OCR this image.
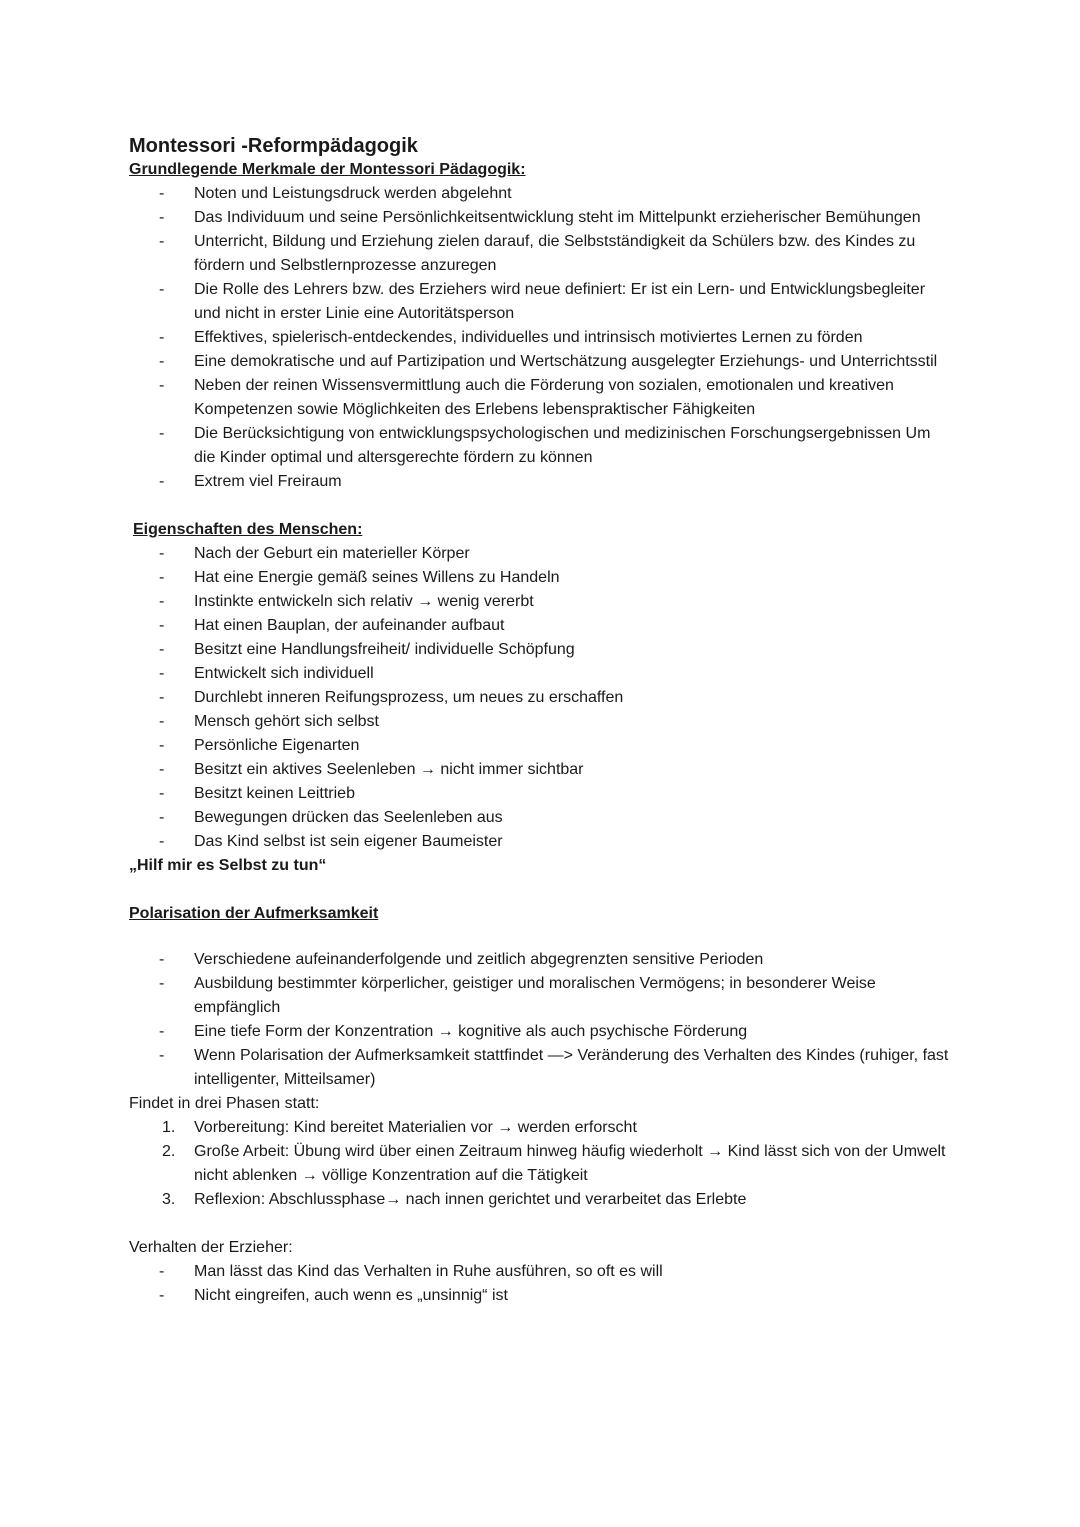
Montessori -Reformpädagogik
Grundlegende Merkmale der Montessori Pädagogik:
-	Noten und Leistungsdruck werden abgelehnt
-	Das Individuum und seine Persönlichkeitsentwicklung steht im Mittelpunkt erzieherischer Bemühungen
-	Unterricht, Bildung und Erziehung zielen darauf, die Selbstständigkeit da Schülers bzw. des Kindes zu fördern und Selbstlernprozesse anzuregen
-	Die Rolle des Lehrers bzw. des Erziehers wird neue definiert: Er ist ein Lern- und Entwicklungsbegleiter und nicht in erster Linie eine Autoritätsperson
-	Effektives, spielerisch-entdeckendes, individuelles und intrinsisch motiviertes Lernen zu förden
-	Eine demokratische und auf Partizipation und Wertschätzung ausgelegter Erziehungs- und Unterrichtsstil
-	Neben der reinen Wissensvermittlung auch die Förderung von sozialen, emotionalen und kreativen Kompetenzen sowie Möglichkeiten des Erlebens lebenspraktischer Fähigkeiten
-	Die Berücksichtigung von entwicklungspsychologischen und medizinischen Forschungsergebnissen Um die Kinder optimal und altersgerechte fördern zu können
-	Extrem viel Freiraum
Eigenschaften des Menschen:
-	Nach der Geburt ein materieller Körper
-	Hat eine Energie gemäß seines Willens zu Handeln
-	Instinkte entwickeln sich relativ → wenig vererbt
-	Hat einen Bauplan, der aufeinander aufbaut
-	Besitzt eine Handlungsfreiheit/ individuelle Schöpfung
-	Entwickelt sich individuell
-	Durchlebt inneren Reifungsprozess, um neues zu erschaffen
-	Mensch gehört sich selbst
-	Persönliche Eigenarten
-	Besitzt ein aktives Seelenleben → nicht immer sichtbar
-	Besitzt keinen Leittrieb
-	Bewegungen drücken das Seelenleben aus
-	Das Kind selbst ist sein eigener Baumeister
„Hilf mir es Selbst zu tun“
Polarisation der Aufmerksamkeit
-	Verschiedene aufeinanderfolgende und zeitlich abgegrenzten sensitive Perioden
-	Ausbildung bestimmter körperlicher, geistiger und moralischen Vermögens; in besonderer Weise empfänglich
-	Eine tiefe Form der Konzentration → kognitive als auch psychische Förderung
-	Wenn Polarisation der Aufmerksamkeit stattfindet —> Veränderung des Verhalten des Kindes (ruhiger, fast intelligenter, Mitteilsamer)
Findet in drei Phasen statt:
1.	Vorbereitung: Kind bereitet Materialien vor → werden erforscht
2.	Große Arbeit: Übung wird über einen Zeitraum hinweg häufig wiederholt → Kind lässt sich von der Umwelt nicht ablenken → völlige Konzentration auf die Tätigkeit
3.	Reflexion: Abschlussphase→ nach innen gerichtet und verarbeitet das Erlebte
Verhalten der Erzieher:
-	Man lässt das Kind das Verhalten in Ruhe ausführen, so oft es will
-	Nicht eingreifen, auch wenn es „unsinnig“ ist
